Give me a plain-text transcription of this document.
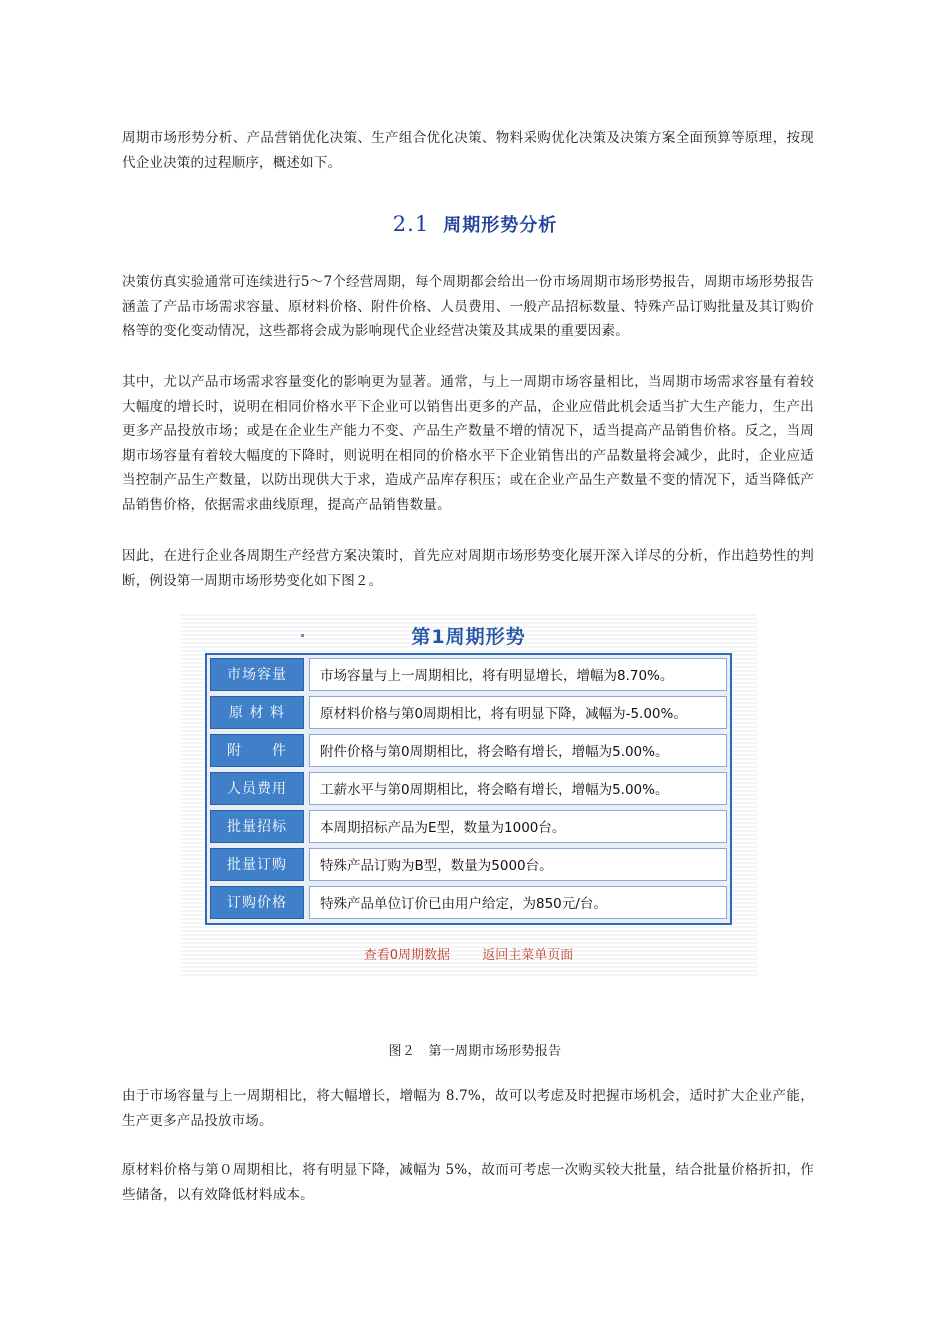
周期市场形势分析、产品营销优化决策、生产组合优化决策、物料采购优化决策及决策方案全面预算等原理，按现代企业决策的过程顺序，概述如下。

2.1 周期形势分析

决策仿真实验通常可连续进行5～7个经营周期，每个周期都会给出一份市场周期市场形势报告，周期市场形势报告涵盖了产品市场需求容量、原材料价格、附件价格、人员费用、一般产品招标数量、特殊产品订购批量及其订购价格等的变化变动情况，这些都将会成为影响现代企业经营决策及其成果的重要因素。

其中，尤以产品市场需求容量变化的影响更为显著。通常，与上一周期市场容量相比，当周期市场需求容量有着较大幅度的增长时，说明在相同价格水平下企业可以销售出更多的产品，企业应借此机会适当扩大生产能力，生产出更多产品投放市场；或是在企业生产能力不变、产品生产数量不增的情况下，适当提高产品销售价格。反之，当周期市场容量有着较大幅度的下降时，则说明在相同的价格水平下企业销售出的产品数量将会减少，此时，企业应适当控制产品生产数量，以防出现供大于求，造成产品库存积压；或在企业产品生产数量不变的情况下，适当降低产品销售价格，依据需求曲线原理，提高产品销售数量。

因此，在进行企业各周期生产经营方案决策时，首先应对周期市场形势变化展开深入详尽的分析，作出趋势性的判断，例设第一周期市场形势变化如下图２。

第1周期形势

市场容量	市场容量与上一周期相比，将有明显增长，增幅为8.70%。
原 材 料	原材料价格与第0周期相比，将有明显下降，减幅为-5.00%。
附　　件	附件价格与第0周期相比，将会略有增长，增幅为5.00%。
人员费用	工薪水平与第0周期相比，将会略有增长，增幅为5.00%。
批量招标	本周期招标产品为E型，数量为1000台。
批量订购	特殊产品订购为B型，数量为5000台。
订购价格	特殊产品单位订价已由用户给定，为850元/台。
查看0周期数据 返回主菜单页面

图２　第一周期市场形势报告

由于市场容量与上一周期相比，将大幅增长，增幅为 8.7%，故可以考虑及时把握市场机会，适时扩大企业产能，生产更多产品投放市场。

原材料价格与第０周期相比，将有明显下降，减幅为 5%，故而可考虑一次购买较大批量，结合批量价格折扣，作些储备，以有效降低材料成本。
